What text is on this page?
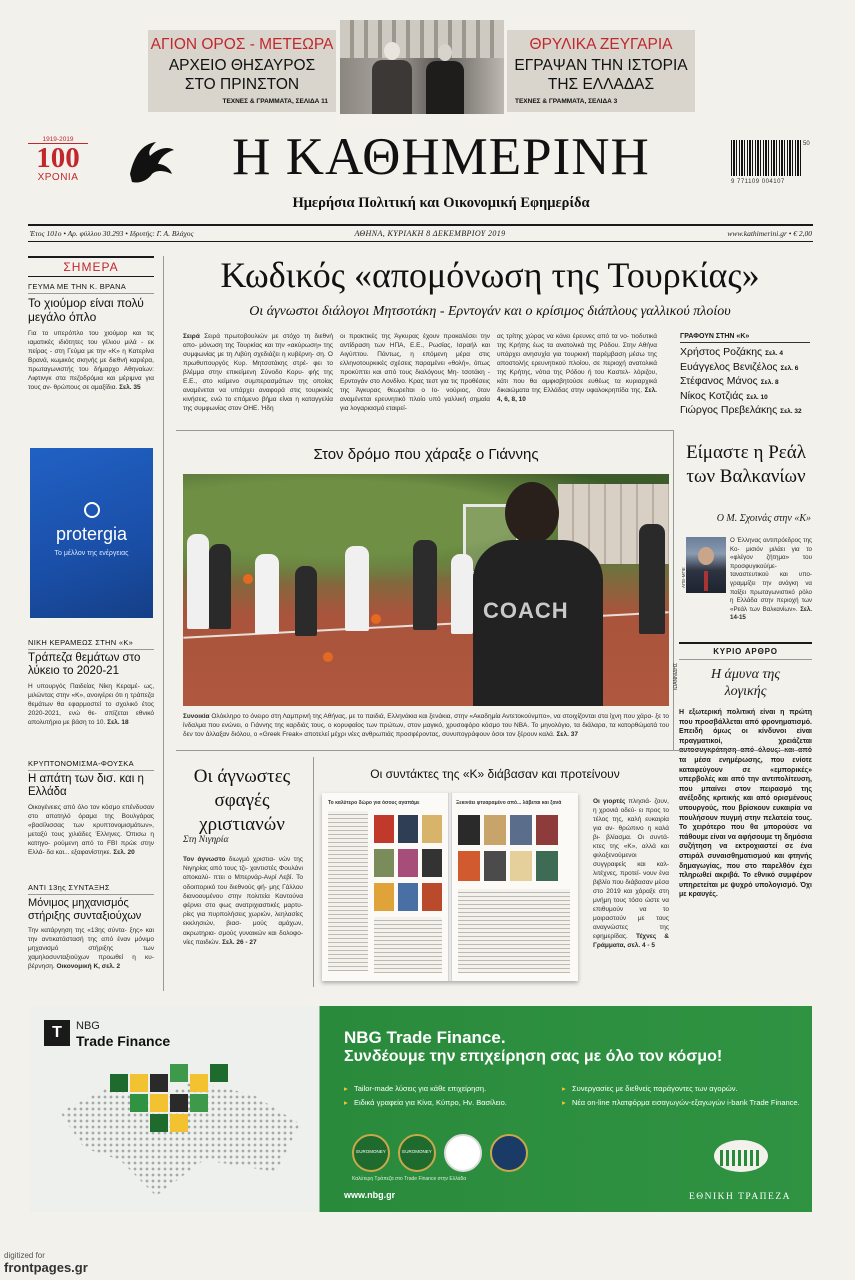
ΑΓΙΟΝ ΟΡΟΣ - ΜΕΤΕΩΡΑ
ΑΡΧΕΙΟ ΘΗΣΑΥΡΟΣ
ΣΤΟ ΠΡΙΝΣΤΟΝ
ΤΕΧΝΕΣ & ΓΡΑΜΜΑΤΑ, ΣΕΛΙΔΑ 11
ΘΡΥΛΙΚΑ ΖΕΥΓΑΡΙΑ
ΕΓΡΑΨΑΝ ΤΗΝ ΙΣΤΟΡΙΑ
ΤΗΣ ΕΛΛΑΔΑΣ
ΤΕΧΝΕΣ & ΓΡΑΜΜΑΤΑ, ΣΕΛΙΔΑ 3
1919-2019
100
ΧΡΟΝΙΑ	Η ΚΑΘΗΜΕΡΙΝΗ
Ημερήσια Πολιτική και Οικονομική Εφημερίδα
50
9 771109 004107
Έτος 101ο • Αρ. φύλλου 30.293 • Ιδρυτής: Γ. Α. Βλάχος	ΑΘΗΝΑ, ΚΥΡΙΑΚΗ 8 ΔΕΚΕΜΒΡΙΟΥ 2019	www.kathimerini.gr • € 2,00
ΣΗΜΕΡΑ
ΓΕΥΜΑ ΜΕ ΤΗΝ Κ. ΒΡΑΝΑ
Το χιούμορ είναι πολύ μεγάλο όπλο
Για το υπερόπλο του χιούμορ και τις ιαματικές ιδιότητες του γέλιου μιλά - εκ πείρας - στη Γεύμα με την «Κ» η Κατερίνα Βρανά, κωμικός σκηνής με διεθνή καριέρα, πρωταγωνιστής του δήμαρχο Αθηναίων: Λιφτινγκ στα πεζοδρόμια και μέριμνα για τους αν- θρώπους σε αμαξίδια. Σελ. 35
protergia
Το μέλλον της ενέργειας
ΝΙΚΗ ΚΕΡΑΜΕΩΣ ΣΤΗΝ «Κ»
Τράπεζα θεμάτων στο λύκειο το 2020-21
Η υπουργός Παιδείας Νίκη Κεραμέ- ως, μιλώντας στην «Κ», ανοιγέρει ότι η τράπεζα θεμάτων θα εφαρμοστεί το σχολικό έτος 2020-2021, ενώ θε- σπίζεται εθνικό απολυτήριο με βάση το 10. Σελ. 18
ΚΡΥΠΤΟΝΟΜΙΣΜΑ-ΦΟΥΣΚΑ
Η απάτη των δισ. και η Ελλάδα
Οικογένειες από όλο τον κόσμο επένδυσαν στο απατηλό όραμα της Βουλγάρας «βασίλισσας των κρυπτονομισμάτων», μεταξύ τους χιλιάδες Έλληνες. Όπισω η κατηγο- ρούμενη από το FBI πρώε στην Ελλά- δα και... εξαφανίστηκε. Σελ. 20
ΑΝΤΙ 13ης ΣΥΝΤΑΞΗΣ
Μόνιμος μηχανισμός στήριξης συνταξιούχων
Την κατάργηση της «13ης σύντα- ξης» και την αντικατάστασή της από έναν μόνιμο μηχανισμό στήριξης των χαμηλοσυνταξιούχων προωθεί η κυ- βέρνηση. Οικονομική Κ, σελ. 2
Κωδικός «απομόνωση της Τουρκίας»
Οι άγνωστοι διάλογοι Μητσοτάκη - Ερντογάν και ο κρίσιμος διάπλους γαλλικού πλοίου
Σειρά Σειρά πρωτοβουλιών με στόχο τη διεθνή απο- μόνωση της Τουρκίας και την «ακύρωση» της συμφωνίας με τη Λιβύη σχεδιάζει η κυβέρνη- ση. Ο πρωθυπουργός Κυρ. Μητσοτάκης στρέ- φει το βλέμμα στην επικείμενη Σύνοδο Κορυ- φής της Ε.Ε., στο κείμενο συμπερασμάτων της οποίας αναμένεται να υπάρχει αναφορά στις τουρκικές κινήσεις, ενώ το επόμενο βήμα είναι η καταγγελία της συμφωνίας στον ΟΗΕ. Ήδη
οι πρακτικές της Άγκυρας έχουν προκαλέσει την αντίδραση των ΗΠΑ, Ε.Ε., Ρωσίας, Ισραήλ και Αιγύπτου. Πάντως, η επόμενη μέρα στις ελληνοτουρκικές σχέσεις παραμένει «θολή», όπως προκύπτει και από τους διαλόγους Μη- τσοτάκη - Ερντογάν στο Λονδίνο. Κρας τεστ για τις προθέσεις της Άγκυρας θεωρείται ο Ιο- νούριος, όταν αναμένεται ερευνητικό πλοίο υπό γαλλική σημαία για λογαριασμό εταιρεί-
ας τρίτης χώρας να κάνει έρευνες από τα νο- τιοδυτικά της Κρήτης έως τα ανατολικά της Ρόδου. Στην Αθήνα υπάρχει ανησυχία για τουρκική παρέμβαση μέσω της αποστολής ερευνητικού πλοίου, σε περιοχή ανατολικά της Κρήτης, νότια της Ρόδου ή του Καστελ- λόριζου, κάτι που θα αμφισβητούσε ευθέως τα κυριαρχικά δικαιώματα της Ελλάδας στην υφαλοκρηπίδα της. Σελ. 4, 6, 8, 10
ΓΡΑΦΟΥΝ ΣΤΗΝ «Κ»
Χρήστος Ροζάκης Σελ. 4
Ευάγγελος Βενιζέλος Σελ. 6
Στέφανος Μάνος Σελ. 8
Νίκος Κοτζιάς Σελ. 10
Γιώργος Πρεβελάκης Σελ. 32
Στον δρόμο που χάραξε ο Γιάννης
COACH
ΙΩΑΝΝΙΔΗΣ
Συνοικία Ολόκληρο το όνειρο στη Λαμπρινή της Αθήνας, με το παιδιά, Ελληνάκια και ξενάκια, στην «Ακαδημία Αντετοκούνμπο», να στοιχίζονται στα ίχνη που χάρα- ξε το ίνδαλμα που ενώνει, ο Γιάννης της καρδιάς τους, ο κορυφαίος των πρώτων, στον μαγικό, χρυσοφόρο κόσμο του ΝΒΑ. Το μηνολόγιο, τα διάλαρα, τα κατορθώματά του δεν τον άλλαξαν διόλου, ο «Greek Freak» αποτελεί μέχρι νέες ανθρωπιάς προσφέροντας, συνυπογράφουν όσοι τον ξέρουν καλά. Σελ. 37
Είμαστε η Ρεάλ των Βαλκανίων
Ο Μ. Σχοινάς στην «Κ»
ΑΠΕ-ΜΠΕ
Ο Έλληνας αντιπρόεδρος της Κο- μισιόν μιλάει για το «φλέγον ζήτημα» του προσφυγικού/με- ταναστευτικού και υπο- γραμμίζει την ανάγκη να παίξει πρωταγωνιστικό ρόλο η Ελλάδα στην περιοχή των «Ρεάλ των Βαλκανίων». Σελ. 14-15
ΚΥΡΙΟ ΑΡΘΡΟ
Η άμυνα της λογικής
Η εξωτερική πολιτική είναι η πρώτη που προσβάλλεται από φρονηματισμό. Επειδή όμως οι κίνδυνοι είναι πραγματικοί, χρειάζεται τα μέσα ενημέρωσης, που ενίοτε καταφεύγουν σε «εμπορικές» υπερβολές και από την αντιπολίτευση, που μπαίνει στον πειρασμό της ανέξοδης κριτικής και από ορισμένους υπουργούς, που βρίσκουν ευκαιρία να πουλήσουν πυγμή στην πελατεία τους. Το χειρότερο που θα μπορούσε να πάθουμε είναι να αφήσουμε τη δημόσια συζήτηση να εκτροχιαστεί σε ένα σπιράλ συναισθηματισμού και φτηνής δημαγωγίας, που στο παρελθόν έχει πληρωθεί ακριβά. Το εθνικό συμφέρον υπηρετείται με ψυχρό υπολογισμό. Όχι με κραυγές.
Οι άγνωστες σφαγές χριστιανών
Στη Νιγηρία
Τον άγνωστο διωγμό χριστια- νών της Νιγηρίας από τους τζι- χαντιστές Φουλάνι αποκαλύ- πτει ο Μπερνάρ-Ανρί Λεβί. Το οδοιπορικό του διεθνούς φή- μης Γάλλου διανοουμένου στην πολιτεία Καντούνα φέρνει στο φως ανατριχιαστικές μαρτυ- ρίες για πυρπολήσεις χωριών, λεηλασίες εκκλησιών, βιασ- μούς αμάχων, ακρωτηρια- σμούς γυναικών και δολοφο- νίες παιδιών. Σελ. 26 - 27
Οι συντάκτες της «Κ» διάβασαν και προτείνουν
Το καλύτερο δώρο για όσους αγαπάμε	Ξεκινάει φτυαραμένο από... λάβεται και ξανά	Οι γιορτές πλησιά- ζουν, η χρονιά οδεύ- ει προς το τέλος της, καλή ευκαιρία για αν- θρώπινο η καλά βι- βλίασμα. Οι συντά- κτες της «Κ», αλλά και φιλοξενούμενοι συγγραφείς και καλ- λιτέχνες, προτεί- νουν ένα βιβλίο που διάβασαν μέσα στο 2019 και χάραξε στη μνήμη τους τόσο ώστε να επιθυμούν να το μοιραστούν με τους αναγνώστες της εφημερίδας. Τέχνες & Γράμματα, σελ. 4 - 5
T	NBG
Trade Finance	NBG Trade Finance.
Συνδέουμε την επιχείρηση σας με όλο τον κόσμο!
▸ Tailor-made λύσεις για κάθε επιχείρηση.
▸ Ειδικά γραφεία για Κίνα, Κύπρο, Ην. Βασίλειο.
▸ Συνεργασίες με διεθνείς παράγοντες των αγορών.
▸ Νέα on-line πλατφόρμα εισαγωγών-εξαγωγών i-bank Trade Finance.
EUROMONEY	EUROMONEY
Καλύτερη Τράπεζα στο Trade Finance στην Ελλάδα
www.nbg.gr	ΕΘΝΙΚΗ ΤΡΑΠΕΖΑ
digitized for
frontpages.gr
